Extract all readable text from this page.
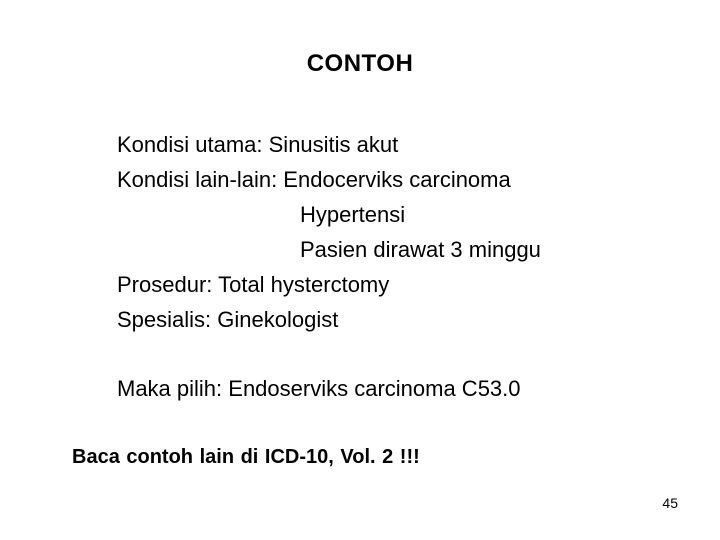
CONTOH
Kondisi utama: Sinusitis akut
Kondisi lain-lain: Endocerviks carcinoma
Hypertensi
Pasien dirawat 3 minggu
Prosedur: Total hysterctomy
Spesialis: Ginekologist
Maka pilih: Endoserviks carcinoma C53.0
Baca contoh lain di ICD-10, Vol. 2 !!!
45
